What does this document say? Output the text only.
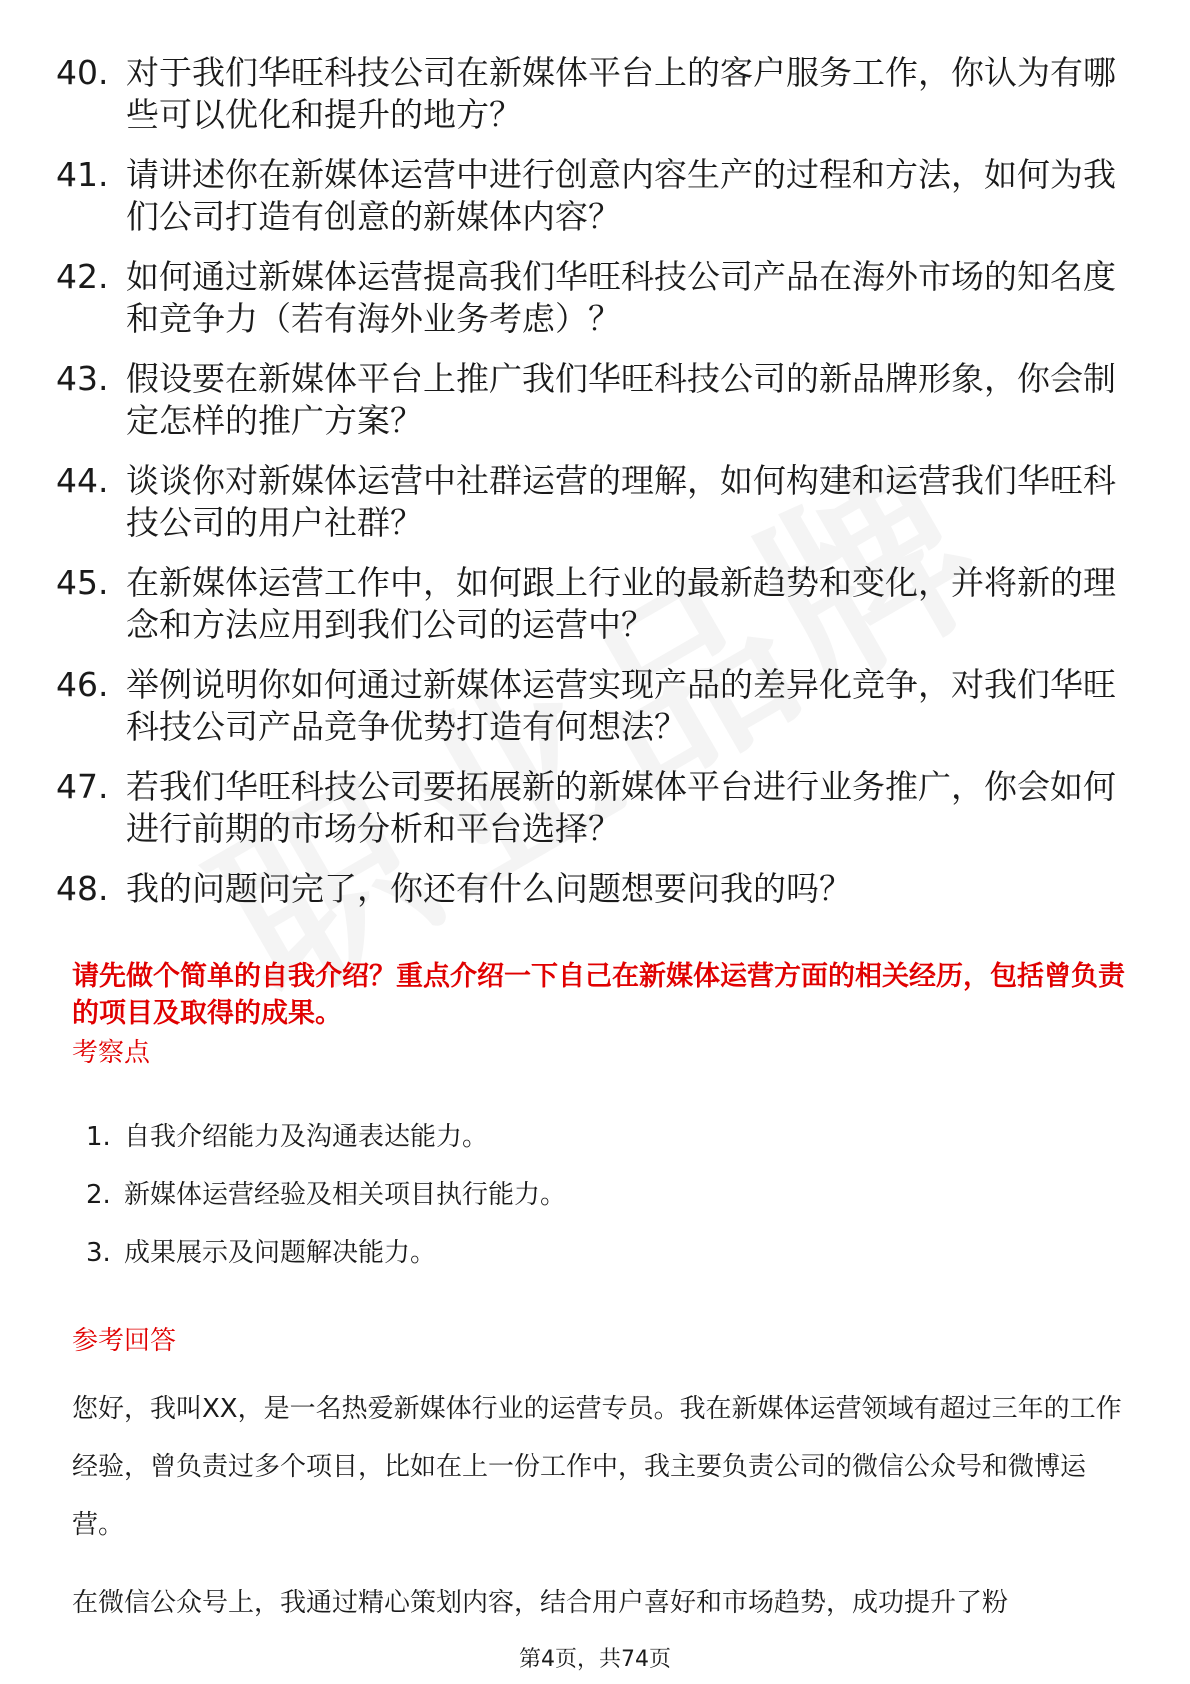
40. 对于我们华旺科技公司在新媒体平台上的客户服务工作，你认为有哪些可以优化和提升的地方？
41. 请讲述你在新媒体运营中进行创意内容生产的过程和方法，如何为我们公司打造有创意的新媒体内容？
42. 如何通过新媒体运营提高我们华旺科技公司产品在海外市场的知名度和竞争力（若有海外业务考虑）？
43. 假设要在新媒体平台上推广我们华旺科技公司的新品牌形象，你会制定怎样的推广方案？
44. 谈谈你对新媒体运营中社群运营的理解，如何构建和运营我们华旺科技公司的用户社群？
45. 在新媒体运营工作中，如何跟上行业的最新趋势和变化，并将新的理念和方法应用到我们公司的运营中？
46. 举例说明你如何通过新媒体运营实现产品的差异化竞争，对我们华旺科技公司产品竞争优势打造有何想法？
47. 若我们华旺科技公司要拓展新的新媒体平台进行业务推广，你会如何进行前期的市场分析和平台选择？
48. 我的问题问完了，你还有什么问题想要问我的吗？
请先做个简单的自我介绍？重点介绍一下自己在新媒体运营方面的相关经历，包括曾负责的项目及取得的成果。
考察点
1. 自我介绍能力及沟通表达能力。
2. 新媒体运营经验及相关项目执行能力。
3. 成果展示及问题解决能力。
参考回答

您好，我叫XX，是一名热爱新媒体行业的运营专员。我在新媒体运营领域有超过三年的工作经验，曾负责过多个项目，比如在上一份工作中，我主要负责公司的微信公众号和微博运营。

在微信公众号上，我通过精心策划内容，结合用户喜好和市场趋势，成功提升了粉

第4页，共74页
